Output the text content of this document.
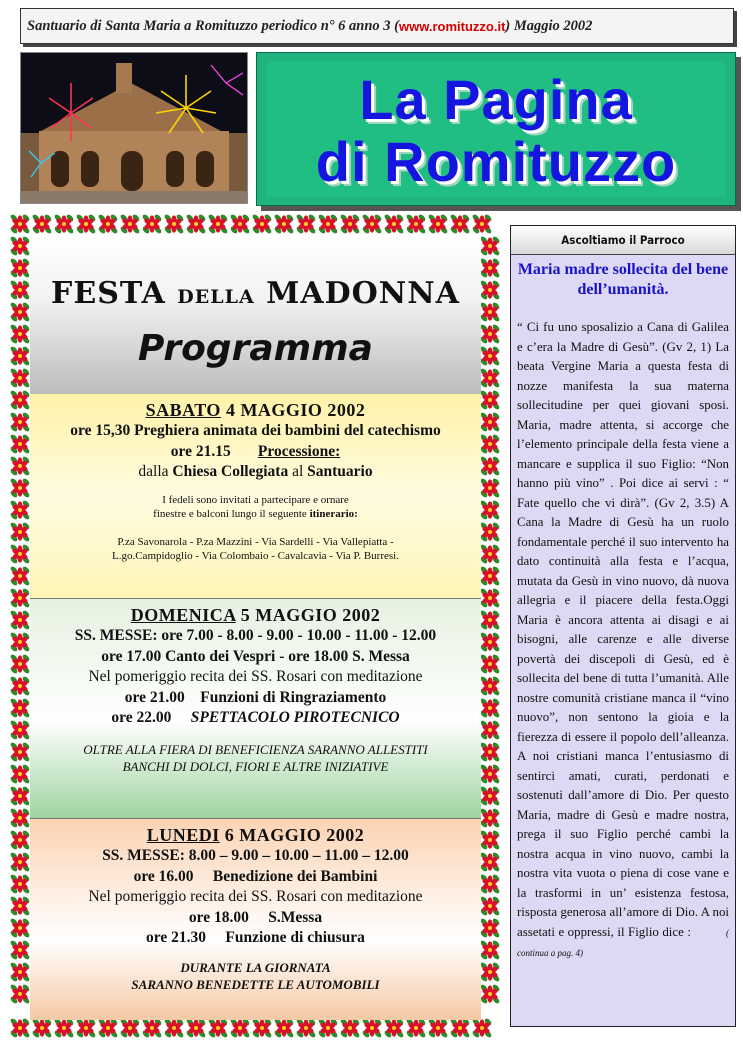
Santuario di Santa Maria a Romituzzo periodico n° 6 anno 3 ( www.romituzzo.it ) Maggio 2002
La Pagina
di Romituzzo
FESTA DELLA MADONNA
Programma
SABATO 4 MAGGIO 2002
ore 15,30 Preghiera animata dei bambini del catechismo
ore 21.15 Processione:
dalla Chiesa Collegiata al Santuario
I fedeli sono invitati a partecipare e ornare
finestre e balconi lungo il seguente itinerario:
P.za Savonarola - P.za Mazzini - Via Sardelli - Via Vallepiatta -
L.go.Campidoglio - Via Colombaio - Cavalcavia - Via P. Burresi.
DOMENICA 5 MAGGIO 2002
SS. MESSE: ore 7.00 - 8.00 - 9.00 - 10.00 - 11.00 - 12.00
ore 17.00 Canto dei Vespri - ore 18.00 S. Messa
Nel pomeriggio recita dei SS. Rosari con meditazione
ore 21.00 Funzioni di Ringraziamento
ore 22.00 SPETTACOLO PIROTECNICO
OLTRE ALLA FIERA DI BENEFICIENZA SARANNO ALLESTITI
BANCHI DI DOLCI, FIORI E ALTRE INIZIATIVE
LUNEDI 6 MAGGIO 2002
SS. MESSE: 8.00 – 9.00 – 10.00 – 11.00 – 12.00
ore 16.00 Benedizione dei Bambini
Nel pomeriggio recita dei SS. Rosari con meditazione
ore 18.00 S.Messa
ore 21.30 Funzione di chiusura
DURANTE LA GIORNATA
SARANNO BENEDETTE LE AUTOMOBILI
Ascoltiamo il Parroco
Maria madre sollecita del bene dell’umanità.
“ Ci fu uno sposalizio a Cana di Galilea e c’era la Madre di Gesù”. (Gv 2, 1) La beata Vergine Maria a questa festa di nozze manifesta la sua materna sollecitudine per quei giovani sposi. Maria, madre attenta, si accorge che l’elemento principale della festa viene a mancare e supplica il suo Figlio: “Non hanno più vino” . Poi dice ai servi : “ Fate quello che vi dirà”. (Gv 2, 3.5) A Cana la Madre di Gesù ha un ruolo fondamentale perché il suo intervento ha dato continuità alla festa e l’acqua, mutata da Gesù in vino nuovo, dà nuova allegria e il piacere della festa.Oggi Maria è ancora attenta ai disagi e ai bisogni, alle carenze e alle diverse povertà dei discepoli di Gesù, ed è sollecita del bene di tutta l’umanità. Alle nostre comunità cristiane manca il “vino nuovo”, non sentono la gioia e la fierezza di essere il popolo dell’alleanza. A noi cristiani manca l’entusiasmo di sentirci amati, curati, perdonati e sostenuti dall’amore di Dio. Per questo Maria, madre di Gesù e madre nostra, prega il suo Figlio perché cambi la nostra acqua in vino nuovo, cambi la nostra vita vuota o piena di cose vane e la trasformi in un’ esistenza festosa, risposta generosa all’amore di Dio. A noi assetati e oppressi, il Figlio dice :	( continua a pag. 4)
